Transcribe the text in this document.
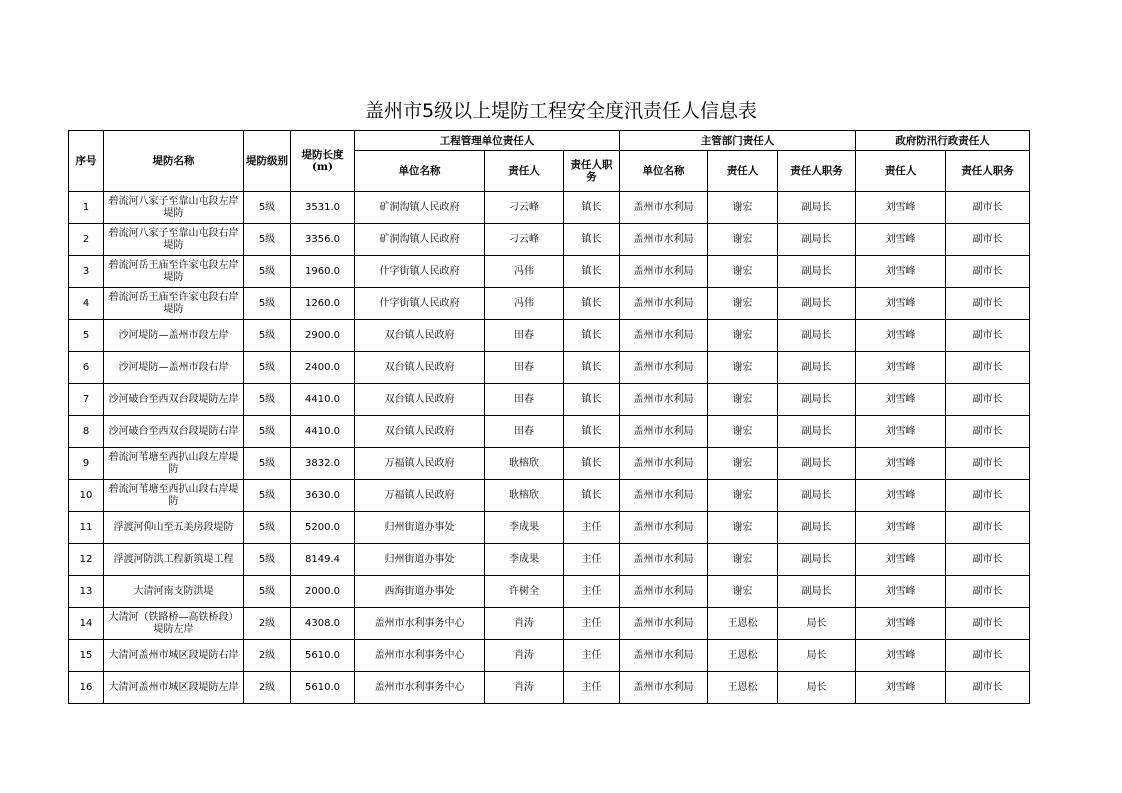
盖州市5级以上堤防工程安全度汛责任人信息表
序号	堤防名称	堤防级别	堤防长度(m)	工程管理单位责任人			主管部门责任人			政府防汛行政责任人	
				单位名称	责任人	责任人职务	单位名称	责任人	责任人职务	责任人	责任人职务
1	碧流河八家子至靠山屯段左岸堤防	5级	3531.0	矿洞沟镇人民政府	刁云峰	镇长	盖州市水利局	谢宏	副局长	刘雪峰	副市长
2	碧流河八家子至靠山屯段右岸堤防	5级	3356.0	矿洞沟镇人民政府	刁云峰	镇长	盖州市水利局	谢宏	副局长	刘雪峰	副市长
3	碧流河岳王庙至许家屯段左岸堤防	5级	1960.0	什字街镇人民政府	冯伟	镇长	盖州市水利局	谢宏	副局长	刘雪峰	副市长
4	碧流河岳王庙至许家屯段右岸堤防	5级	1260.0	什字街镇人民政府	冯伟	镇长	盖州市水利局	谢宏	副局长	刘雪峰	副市长
5	沙河堤防—盖州市段左岸	5级	2900.0	双台镇人民政府	田春	镇长	盖州市水利局	谢宏	副局长	刘雪峰	副市长
6	沙河堤防—盖州市段右岸	5级	2400.0	双台镇人民政府	田春	镇长	盖州市水利局	谢宏	副局长	刘雪峰	副市长
7	沙河破台至西双台段堤防左岸	5级	4410.0	双台镇人民政府	田春	镇长	盖州市水利局	谢宏	副局长	刘雪峰	副市长
8	沙河破台至西双台段堤防右岸	5级	4410.0	双台镇人民政府	田春	镇长	盖州市水利局	谢宏	副局长	刘雪峰	副市长
9	碧流河苇塘至西扒山段左岸堤防	5级	3832.0	万福镇人民政府	耿榕欣	镇长	盖州市水利局	谢宏	副局长	刘雪峰	副市长
10	碧流河苇塘至西扒山段右岸堤防	5级	3630.0	万福镇人民政府	耿榕欣	镇长	盖州市水利局	谢宏	副局长	刘雪峰	副市长
11	浮渡河仰山至五美房段堤防	5级	5200.0	归州街道办事处	李成果	主任	盖州市水利局	谢宏	副局长	刘雪峰	副市长
12	浮渡河防洪工程新筑堤工程	5级	8149.4	归州街道办事处	李成果	主任	盖州市水利局	谢宏	副局长	刘雪峰	副市长
13	大清河南支防洪堤	5级	2000.0	西海街道办事处	许树全	主任	盖州市水利局	谢宏	副局长	刘雪峰	副市长
14	大清河（铁路桥—高铁桥段）堤防左岸	2级	4308.0	盖州市水利事务中心	肖涛	主任	盖州市水利局	王恩松	局长	刘雪峰	副市长
15	大清河盖州市城区段堤防右岸	2级	5610.0	盖州市水利事务中心	肖涛	主任	盖州市水利局	王恩松	局长	刘雪峰	副市长
16	大清河盖州市城区段堤防左岸	2级	5610.0	盖州市水利事务中心	肖涛	主任	盖州市水利局	王恩松	局长	刘雪峰	副市长
